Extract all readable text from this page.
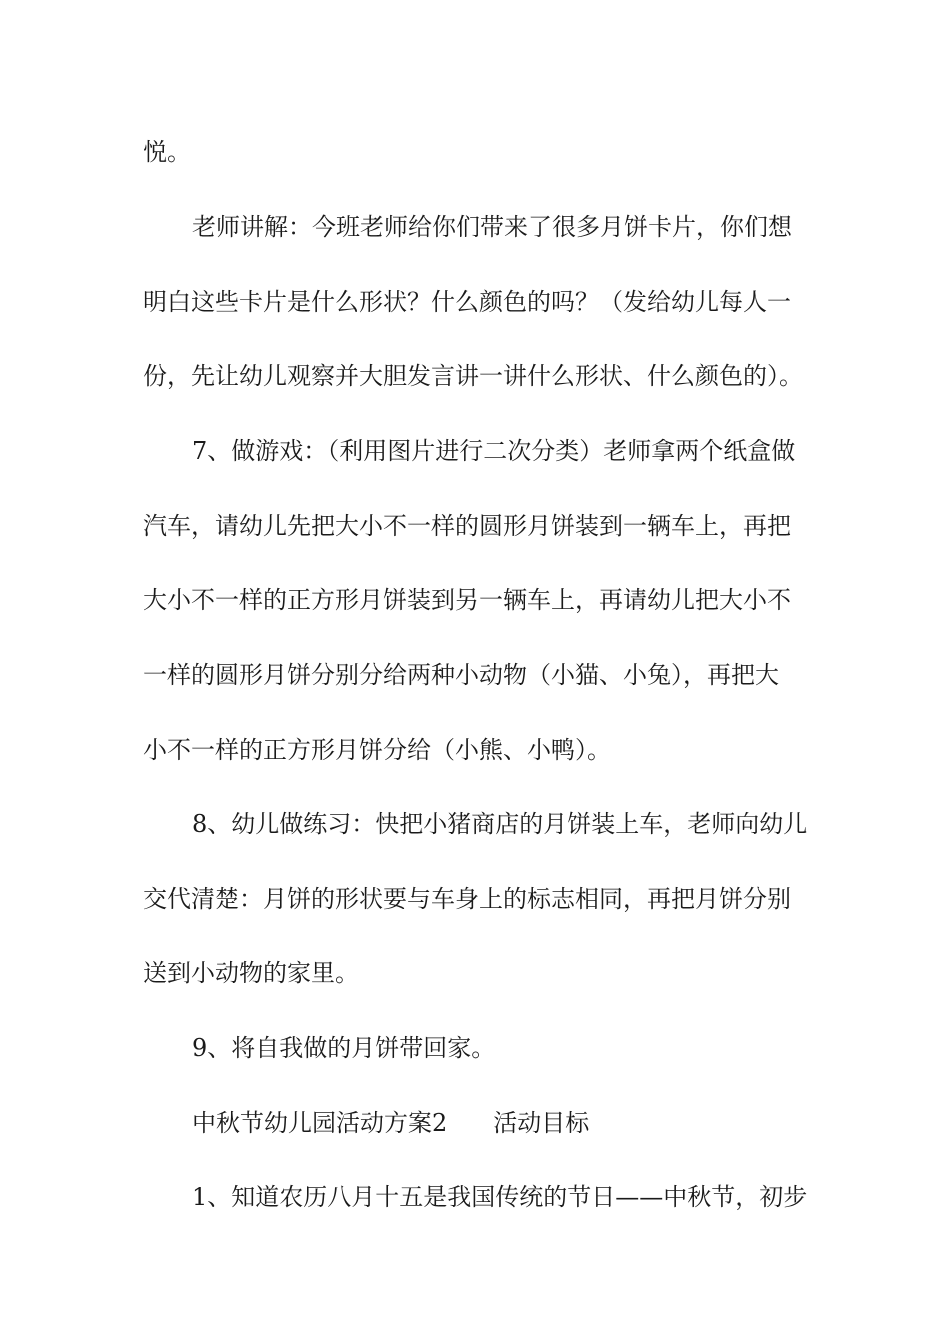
悦。
老师讲解：今班老师给你们带来了很多月饼卡片，你们想
明白这些卡片是什么形状？什么颜色的吗？（发给幼儿每人一
份，先让幼儿观察并大胆发言讲一讲什么形状、什么颜色的）。
7、做游戏：（利用图片进行二次分类）老师拿两个纸盒做
汽车，请幼儿先把大小不一样的圆形月饼装到一辆车上，再把
大小不一样的正方形月饼装到另一辆车上，再请幼儿把大小不
一样的圆形月饼分别分给两种小动物（小猫、小兔），再把大
小不一样的正方形月饼分给（小熊、小鸭）。
8、幼儿做练习：快把小猪商店的月饼装上车，老师向幼儿
交代清楚：月饼的形状要与车身上的标志相同，再把月饼分别
送到小动物的家里。
9、将自我做的月饼带回家。
中秋节幼儿园活动方案2 活动目标
1、知道农历八月十五是我国传统的节日——中秋节，初步
